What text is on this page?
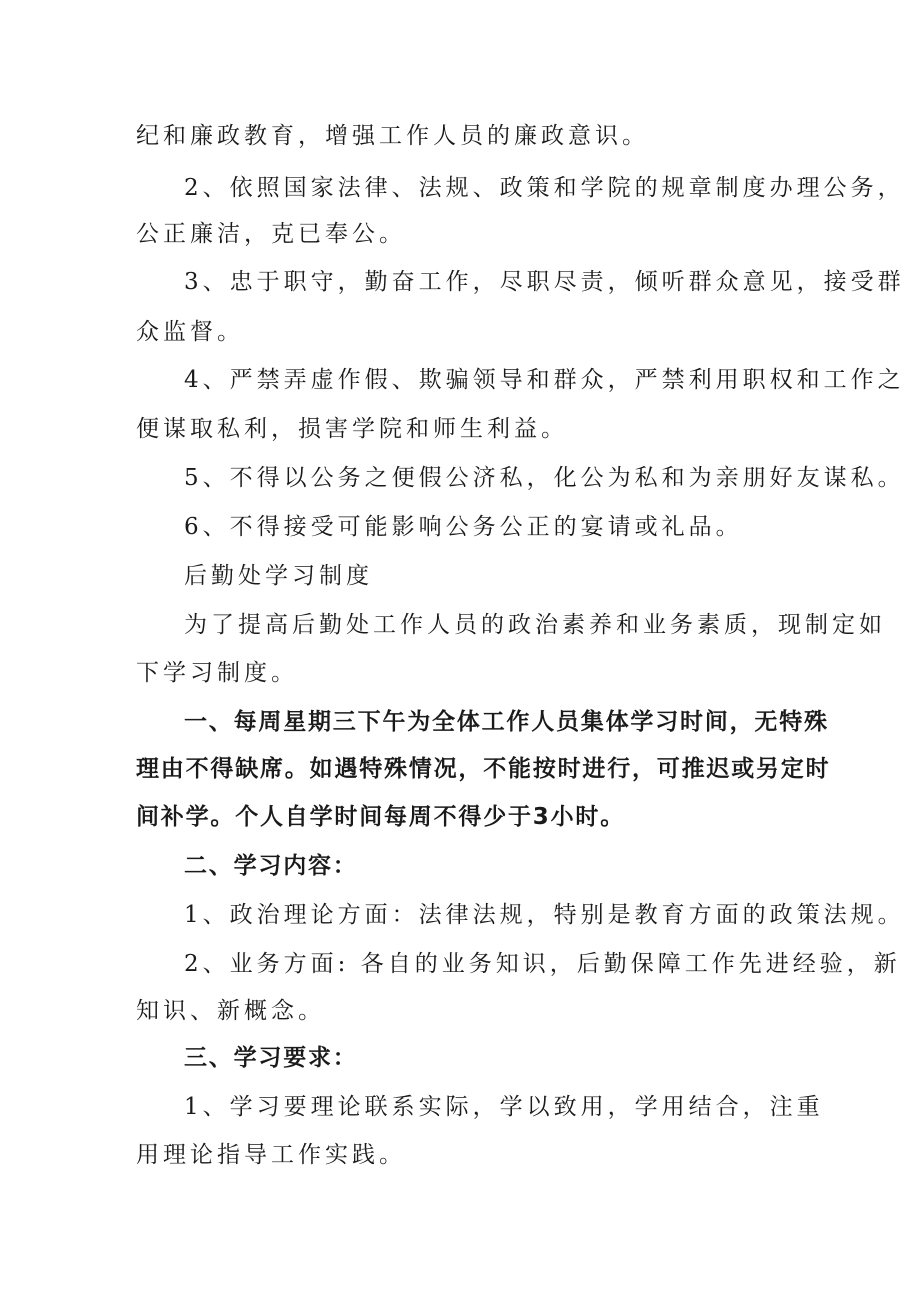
纪和廉政教育，增强工作人员的廉政意识。
2、依照国家法律、法规、政策和学院的规章制度办理公务，
公正廉洁，克已奉公。
3、忠于职守，勤奋工作，尽职尽责，倾听群众意见，接受群
众监督。
4、严禁弄虚作假、欺骗领导和群众，严禁利用职权和工作之
便谋取私利，损害学院和师生利益。
5、不得以公务之便假公济私，化公为私和为亲朋好友谋私。
6、不得接受可能影响公务公正的宴请或礼品。
后勤处学习制度
为了提高后勤处工作人员的政治素养和业务素质，现制定如
下学习制度。
一、每周星期三下午为全体工作人员集体学习时间，无特殊
理由不得缺席。如遇特殊情况，不能按时进行，可推迟或另定时
间补学。个人自学时间每周不得少于3小时。
二、学习内容：
1、政治理论方面：法律法规，特别是教育方面的政策法规。
2、业务方面: 各自的业务知识，后勤保障工作先进经验，新
知识、新概念。
三、学习要求：
1、学习要理论联系实际，学以致用，学用结合，注重
用理论指导工作实践。
